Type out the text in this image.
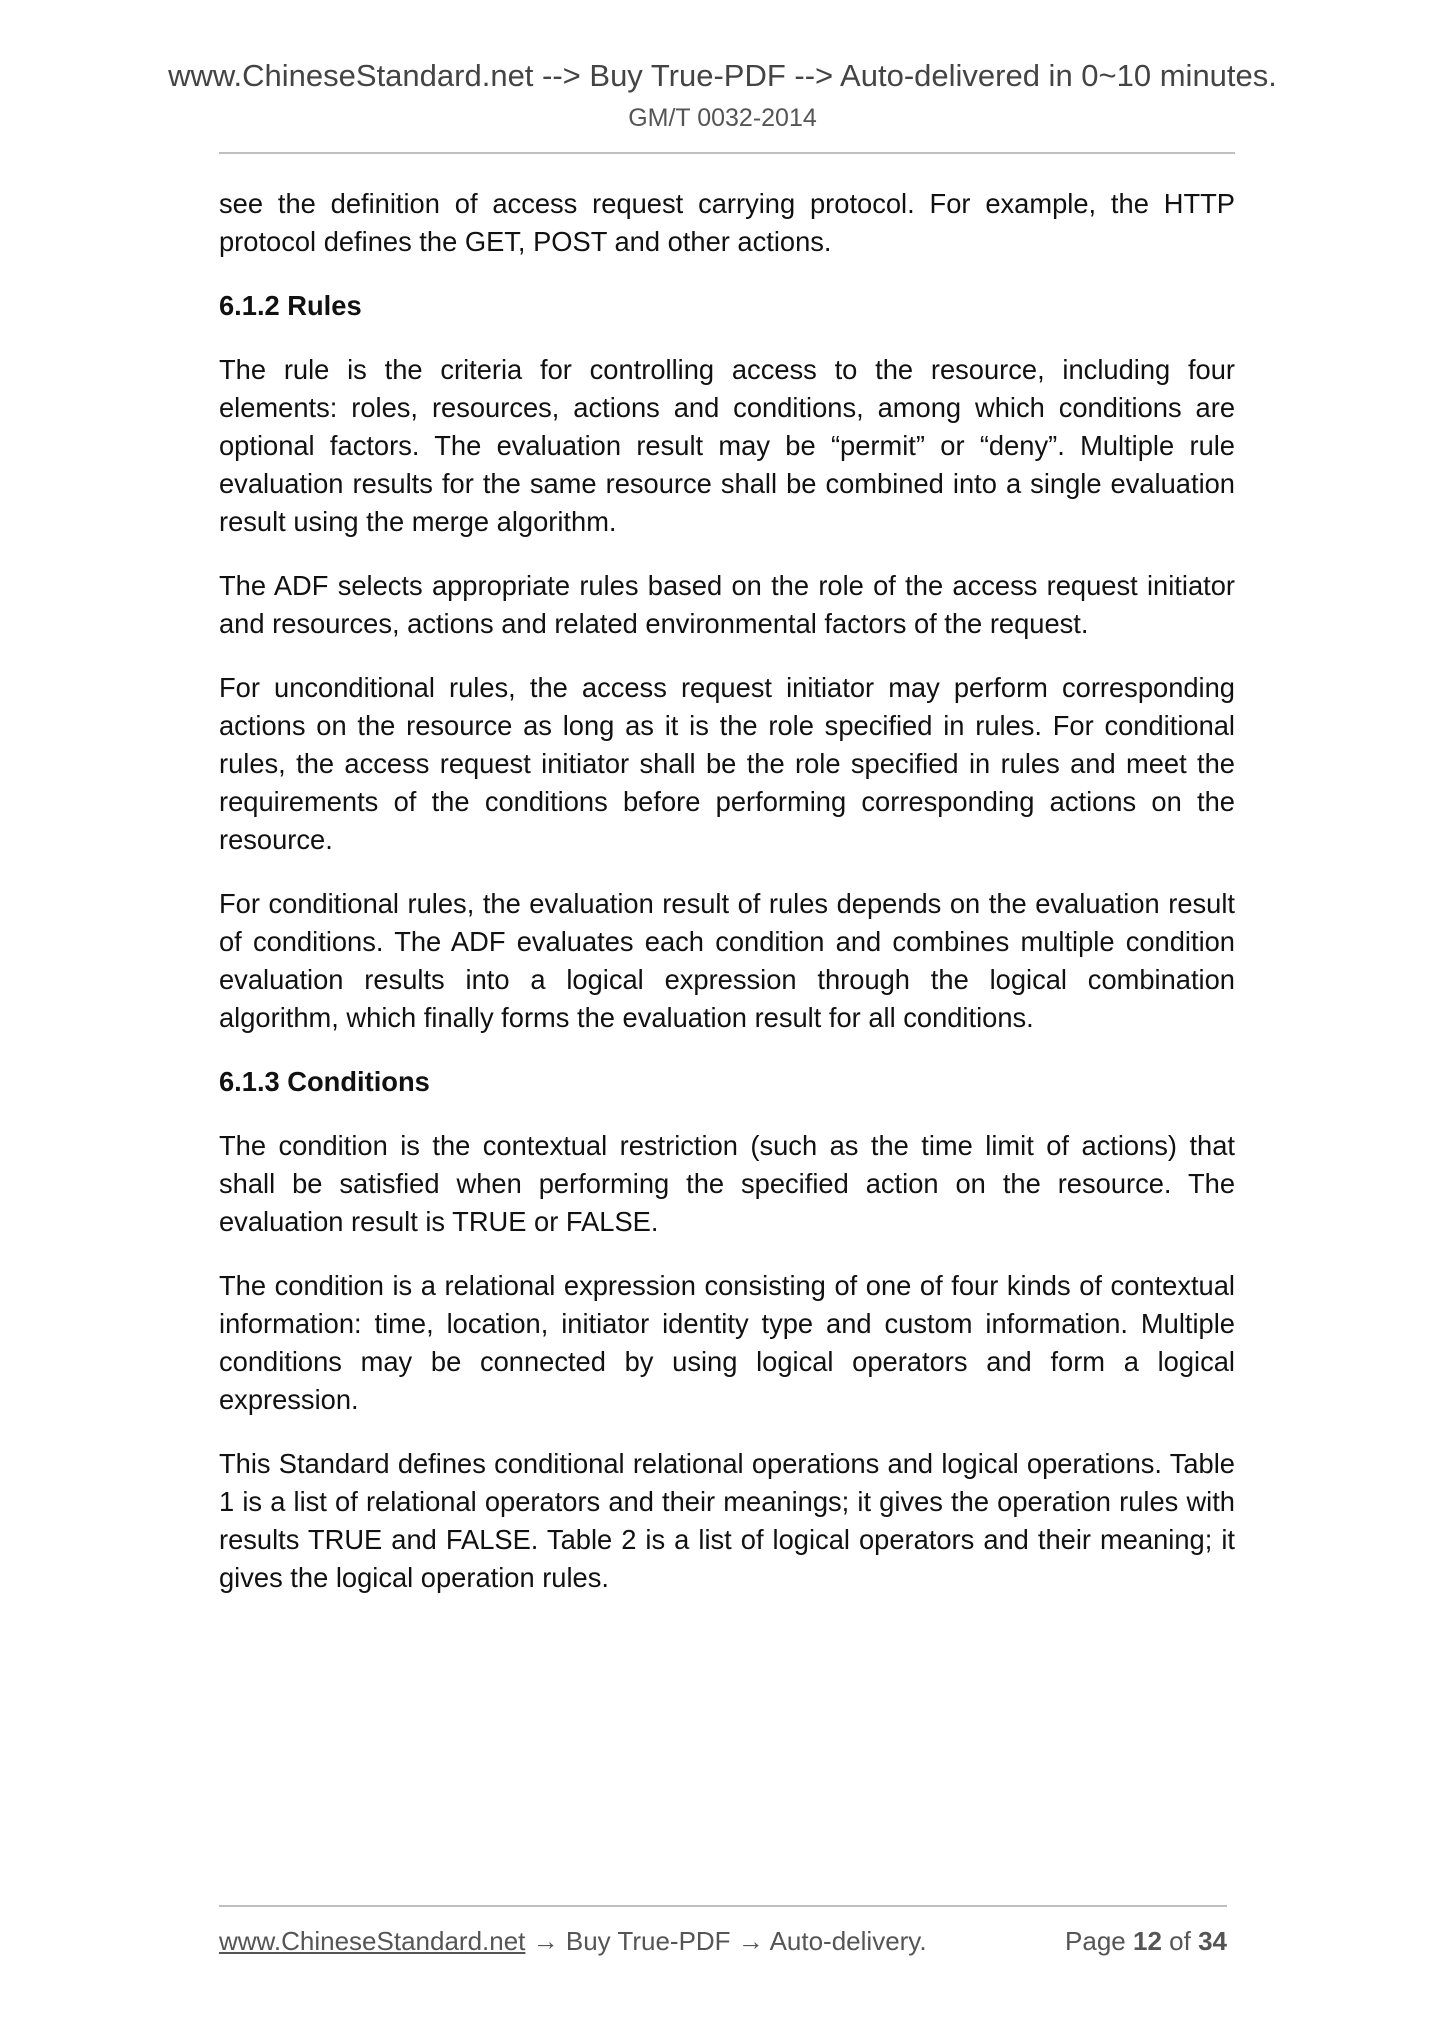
www.ChineseStandard.net --> Buy True-PDF --> Auto-delivered in 0~10 minutes.
GM/T 0032-2014

see the definition of access request carrying protocol. For example, the HTTP protocol defines the GET, POST and other actions.

6.1.2 Rules

The rule is the criteria for controlling access to the resource, including four elements: roles, resources, actions and conditions, among which conditions are optional factors. The evaluation result may be “permit” or “deny”. Multiple rule evaluation results for the same resource shall be combined into a single evaluation result using the merge algorithm.

The ADF selects appropriate rules based on the role of the access request initiator and resources, actions and related environmental factors of the request.

For unconditional rules, the access request initiator may perform corresponding actions on the resource as long as it is the role specified in rules. For conditional rules, the access request initiator shall be the role specified in rules and meet the requirements of the conditions before performing corresponding actions on the resource.

For conditional rules, the evaluation result of rules depends on the evaluation result of conditions. The ADF evaluates each condition and combines multiple condition evaluation results into a logical expression through the logical combination algorithm, which finally forms the evaluation result for all conditions.

6.1.3 Conditions

The condition is the contextual restriction (such as the time limit of actions) that shall be satisfied when performing the specified action on the resource. The evaluation result is TRUE or FALSE.

The condition is a relational expression consisting of one of four kinds of contextual information: time, location, initiator identity type and custom information. Multiple conditions may be connected by using logical operators and form a logical expression.

This Standard defines conditional relational operations and logical operations. Table 1 is a list of relational operators and their meanings; it gives the operation rules with results TRUE and FALSE. Table 2 is a list of logical operators and their meaning; it gives the logical operation rules.

www.ChineseStandard.net → Buy True-PDF → Auto-delivery.	Page 12 of 34
